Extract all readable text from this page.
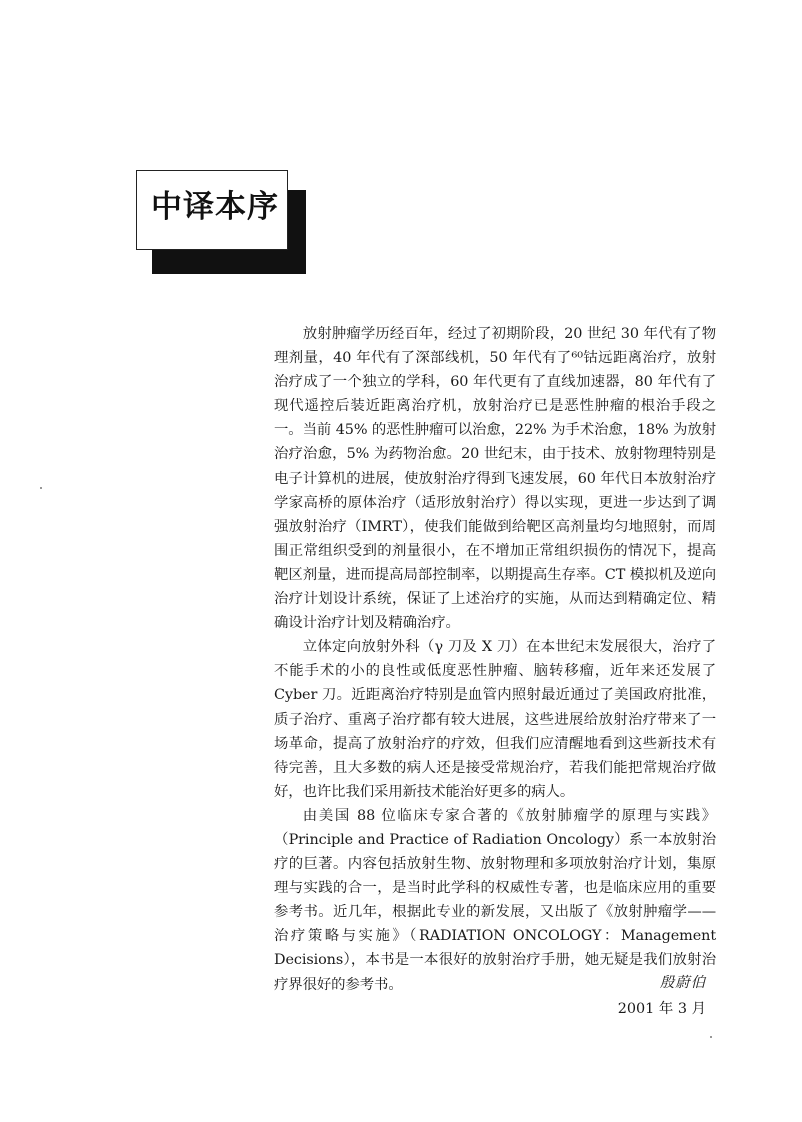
中译本序

放射肿瘤学历经百年，经过了初期阶段，20 世纪 30 年代有了物理剂量，40 年代有了深部线机，50 年代有了⁶⁰钴远距离治疗，放射治疗成了一个独立的学科，60 年代更有了直线加速器，80 年代有了现代遥控后装近距离治疗机，放射治疗已是恶性肿瘤的根治手段之一。当前 45% 的恶性肿瘤可以治愈，22% 为手术治愈，18% 为放射治疗治愈，5% 为药物治愈。20 世纪末，由于技术、放射物理特别是电子计算机的进展，使放射治疗得到飞速发展，60 年代日本放射治疗学家高桥的原体治疗（适形放射治疗）得以实现，更进一步达到了调强放射治疗（IMRT），使我们能做到给靶区高剂量均匀地照射，而周围正常组织受到的剂量很小，在不增加正常组织损伤的情况下，提高靶区剂量，进而提高局部控制率，以期提高生存率。CT 模拟机及逆向治疗计划设计系统，保证了上述治疗的实施，从而达到精确定位、精确设计治疗计划及精确治疗。

立体定向放射外科（γ 刀及 X 刀）在本世纪末发展很大，治疗了不能手术的小的良性或低度恶性肿瘤、脑转移瘤，近年来还发展了 Cyber 刀。近距离治疗特别是血管内照射最近通过了美国政府批准，质子治疗、重离子治疗都有较大进展，这些进展给放射治疗带来了一场革命，提高了放射治疗的疗效，但我们应清醒地看到这些新技术有待完善，且大多数的病人还是接受常规治疗，若我们能把常规治疗做好，也许比我们采用新技术能治好更多的病人。

由美国 88 位临床专家合著的《放射肺瘤学的原理与实践》（Principle and Practice of Radiation Oncology）系一本放射治疗的巨著。内容包括放射生物、放射物理和多项放射治疗计划，集原理与实践的合一，是当时此学科的权威性专著，也是临床应用的重要参考书。近几年，根据此专业的新发展，又出版了《放射肿瘤学——治疗策略与实施》（RADIATION ONCOLOGY：Management Decisions），本书是一本很好的放射治疗手册，她无疑是我们放射治疗界很好的参考书。	殷蔚伯
2001 年 3 月
